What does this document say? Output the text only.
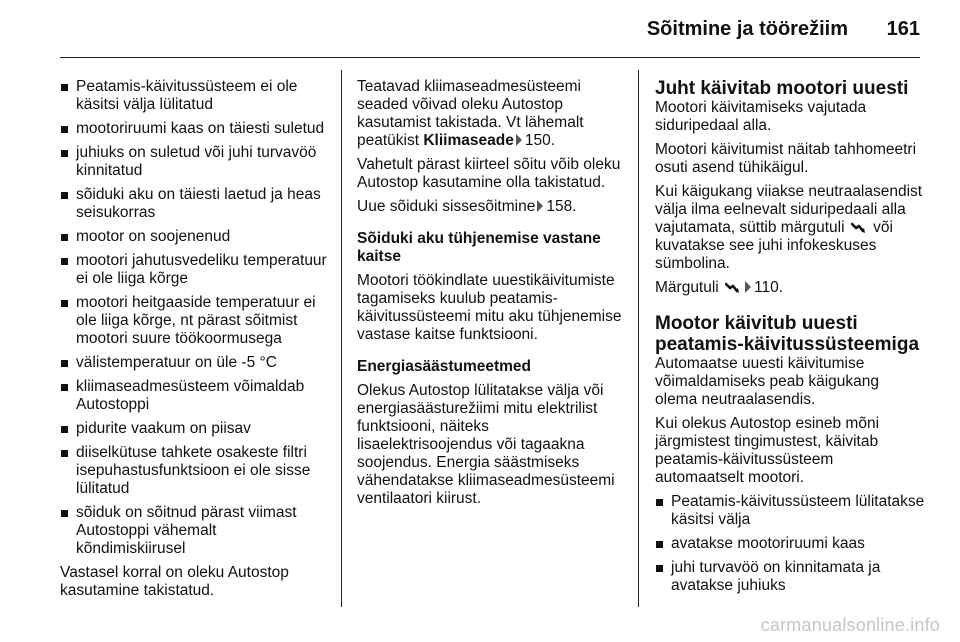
Sõitmine ja töörežiim 161
Peatamis-käivitussüsteem ei ole käsitsi välja lülitatud
mootoriruumi kaas on täiesti suletud
juhiuks on suletud või juhi turvavöö kinnitatud
sõiduki aku on täiesti laetud ja heas seisukorras
mootor on soojenenud
mootori jahutusvedeliku temperatuur ei ole liiga kõrge
mootori heitgaaside temperatuur ei ole liiga kõrge, nt pärast sõitmist mootori suure töökoormusega
välistemperatuur on üle -5 °C
kliimaseadmesüsteem võimaldab Autostoppi
pidurite vaakum on piisav
diiselkütuse tahkete osakeste filtri isepuhastusfunktsioon ei ole sisse lülitatud
sõiduk on sõitnud pärast viimast Autostoppi vähemalt kõndimiskiirusel

Vastasel korral on oleku Autostop kasutamine takistatud.

Teatavad kliimaseadmesüsteemi seaded võivad oleku Autostop kasutamist takistada. Vt lähemalt peatükist Kliimaseade 150.

Vahetult pärast kiirteel sõitu võib oleku Autostop kasutamine olla takistatud.

Uue sõiduki sissesõitmine 158.

Sõiduki aku tühjenemise vastane kaitse

Mootori töökindlate uuestikäivitumiste tagamiseks kuulub peatamis-käivitussüsteemi mitu aku tühjenemise vastase kaitse funktsiooni.

Energiasäästumeetmed

Olekus Autostop lülitatakse välja või energiasäästurežiimi mitu elektrilist funktsiooni, näiteks lisaelektrisoojendus või tagaakna soojendus. Energia säästmiseks vähendatakse kliimaseadmesüsteemi ventilaatori kiirust.

Juht käivitab mootori uuesti

Mootori käivitamiseks vajutada siduripedaal alla.

Mootori käivitumist näitab tahhomeetri osuti asend tühikäigul.

Kui käigukang viiakse neutraalasendist välja ilma eelnevalt siduripedaali alla vajutamata, süttib märgutuli või kuvatakse see juhi infokeskuses sümbolina.

Märgutuli 110.

Mootor käivitub uuesti peatamis-käivitussüsteemiga

Automaatse uuesti käivitumise võimaldamiseks peab käigukang olema neutraalasendis.

Kui olekus Autostop esineb mõni järgmistest tingimustest, käivitab peatamis-käivitussüsteem automaatselt mootori.

Peatamis-käivitussüsteem lülitatakse käsitsi välja
avatakse mootoriruumi kaas
juhi turvavöö on kinnitamata ja avatakse juhiuks
carmanualsonline.info
